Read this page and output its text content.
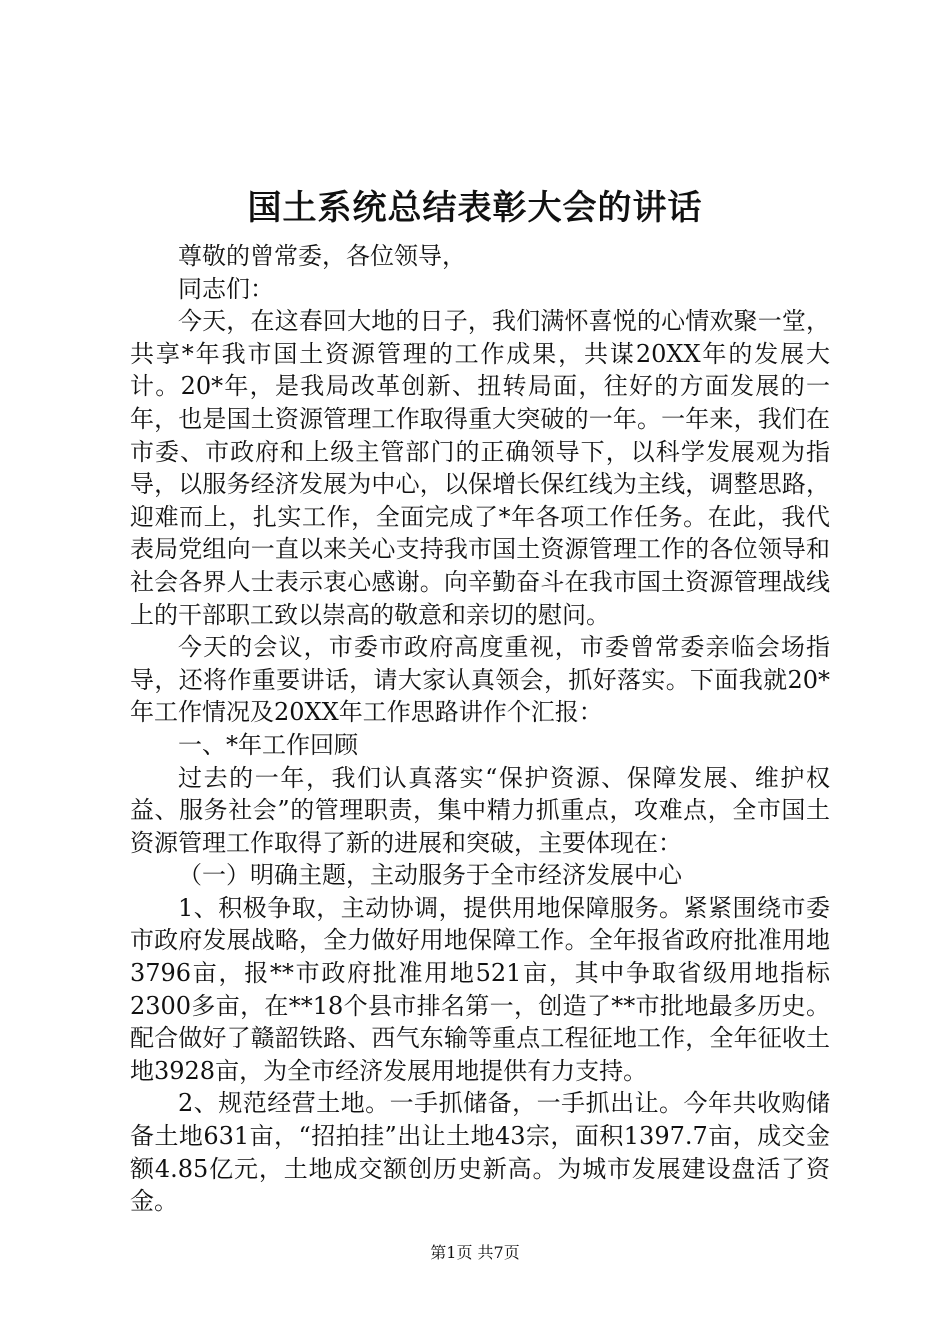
国土系统总结表彰大会的讲话

尊敬的曾常委，各位领导，

同志们：

今天，在这春回大地的日子，我们满怀喜悦的心情欢聚一堂，共享*年我市国土资源管理的工作成果，共谋20XX年的发展大计。20*年，是我局改革创新、扭转局面，往好的方面发展的一年，也是国土资源管理工作取得重大突破的一年。一年来，我们在市委、市政府和上级主管部门的正确领导下，以科学发展观为指导，以服务经济发展为中心，以保增长保红线为主线，调整思路，迎难而上，扎实工作，全面完成了*年各项工作任务。在此，我代表局党组向一直以来关心支持我市国土资源管理工作的各位领导和社会各界人士表示衷心感谢。向辛勤奋斗在我市国土资源管理战线上的干部职工致以崇高的敬意和亲切的慰问。

今天的会议，市委市政府高度重视，市委曾常委亲临会场指导，还将作重要讲话，请大家认真领会，抓好落实。下面我就20*年工作情况及20XX年工作思路讲作个汇报：

一、*年工作回顾

过去的一年，我们认真落实“保护资源、保障发展、维护权益、服务社会”的管理职责，集中精力抓重点，攻难点，全市国土资源管理工作取得了新的进展和突破，主要体现在：

（一）明确主题，主动服务于全市经济发展中心

1、积极争取，主动协调，提供用地保障服务。紧紧围绕市委市政府发展战略，全力做好用地保障工作。全年报省政府批准用地3796亩，报**市政府批准用地521亩，其中争取省级用地指标2300多亩，在**18个县市排名第一，创造了**市批地最多历史。配合做好了赣韶铁路、西气东输等重点工程征地工作，全年征收土地3928亩，为全市经济发展用地提供有力支持。

2、规范经营土地。一手抓储备，一手抓出让。今年共收购储备土地631亩，“招拍挂”出让土地43宗，面积1397.7亩，成交金额4.85亿元，土地成交额创历史新高。为城市发展建设盘活了资金。

第1页 共7页
